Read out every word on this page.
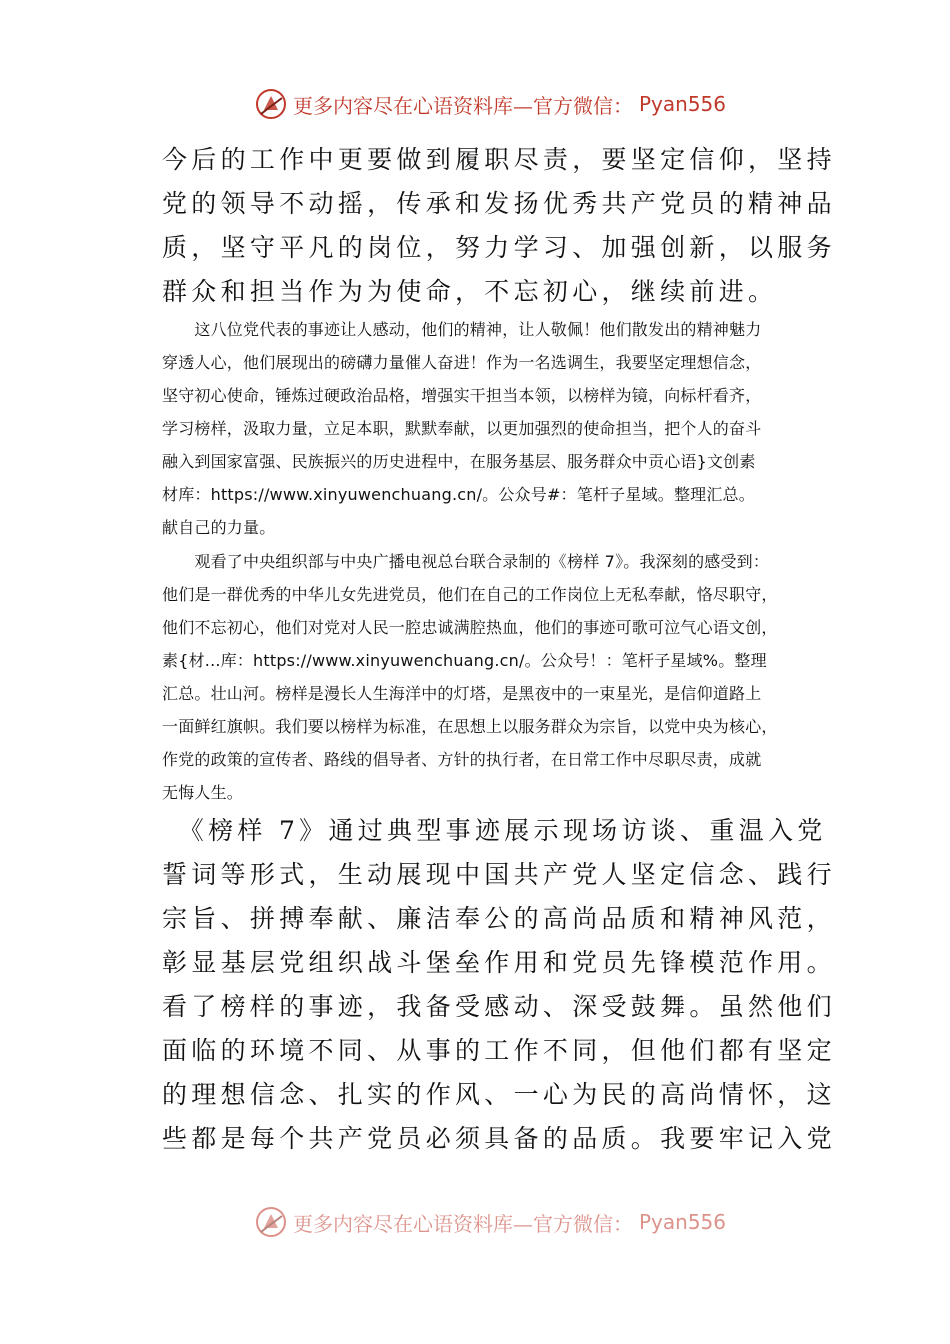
更多内容尽在心语资料库—官方微信： Pyan556
今后的工作中更要做到履职尽责，要坚定信仰，坚持
党的领导不动摇，传承和发扬优秀共产党员的精神品
质，坚守平凡的岗位，努力学习、加强创新，以服务
群众和担当作为为使命，不忘初心，继续前进。
　　这八位党代表的事迹让人感动，他们的精神，让人敬佩！他们散发出的精神魅力
穿透人心，他们展现出的磅礴力量催人奋进！作为一名选调生，我要坚定理想信念，
坚守初心使命，锤炼过硬政治品格，增强实干担当本领，以榜样为镜，向标杆看齐，
学习榜样，汲取力量，立足本职，默默奉献，以更加强烈的使命担当，把个人的奋斗
融入到国家富强、民族振兴的历史进程中，在服务基层、服务群众中贡心语}文创素
材库：https://www.xinyuwenchuang.cn/。公众号#：笔杆子星域。整理汇总。
献自己的力量。
　　观看了中央组织部与中央广播电视总台联合录制的《榜样 7》。我深刻的感受到：
他们是一群优秀的中华儿女先进党员，他们在自己的工作岗位上无私奉献，恪尽职守，
他们不忘初心，他们对党对人民一腔忠诚满腔热血，他们的事迹可歌可泣气心语文创，
素{材...库：https://www.xinyuwenchuang.cn/。公众号！：笔杆子星域%。整理
汇总。壮山河。榜样是漫长人生海洋中的灯塔，是黑夜中的一束星光，是信仰道路上
一面鲜红旗帜。我们要以榜样为标准，在思想上以服务群众为宗旨，以党中央为核心，
作党的政策的宣传者、路线的倡导者、方针的执行者，在日常工作中尽职尽责，成就
无悔人生。
　《榜样 7》通过典型事迹展示现场访谈、重温入党
誓词等形式，生动展现中国共产党人坚定信念、践行
宗旨、拼搏奉献、廉洁奉公的高尚品质和精神风范，
彰显基层党组织战斗堡垒作用和党员先锋模范作用。
看了榜样的事迹，我备受感动、深受鼓舞。虽然他们
面临的环境不同、从事的工作不同，但他们都有坚定
的理想信念、扎实的作风、一心为民的高尚情怀，这
些都是每个共产党员必须具备的品质。我要牢记入党
更多内容尽在心语资料库—官方微信： Pyan556
